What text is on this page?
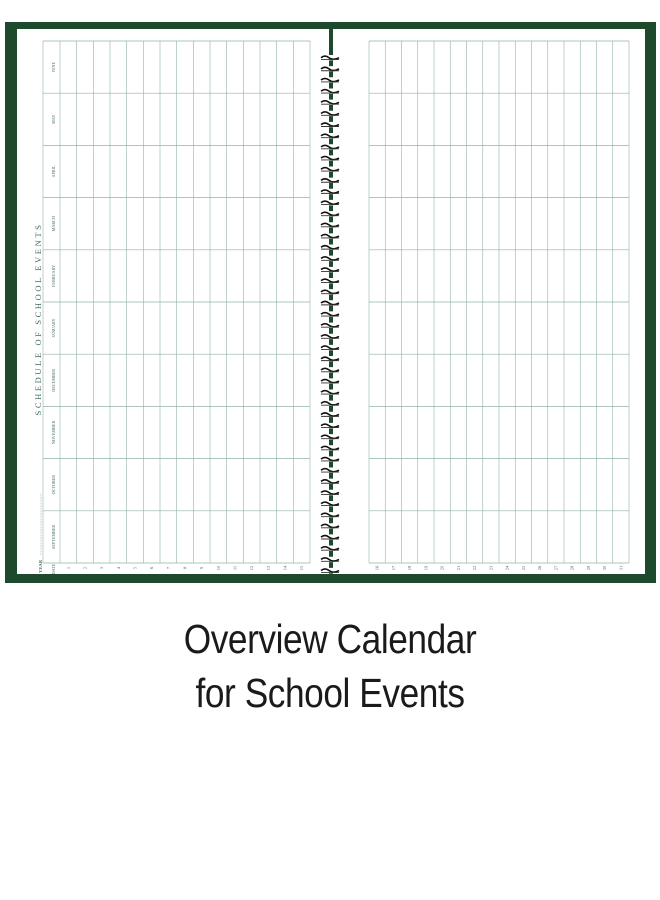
SEPTEMBER
OCTOBER
NOVEMBER
DECEMBER
JANUARY
FEBRUARY
MARCH
APRIL
MAY
JUNE
DATE
YEAR
SCHEDULE OF SCHOOL EVENTS
1	2	3	4	5	6	7	8	9	10	11	12	13	14	15	16	17	18	19	20	21	22	23	24	25	26	27	28	29	30	31
Overview Calendar
for School Events
